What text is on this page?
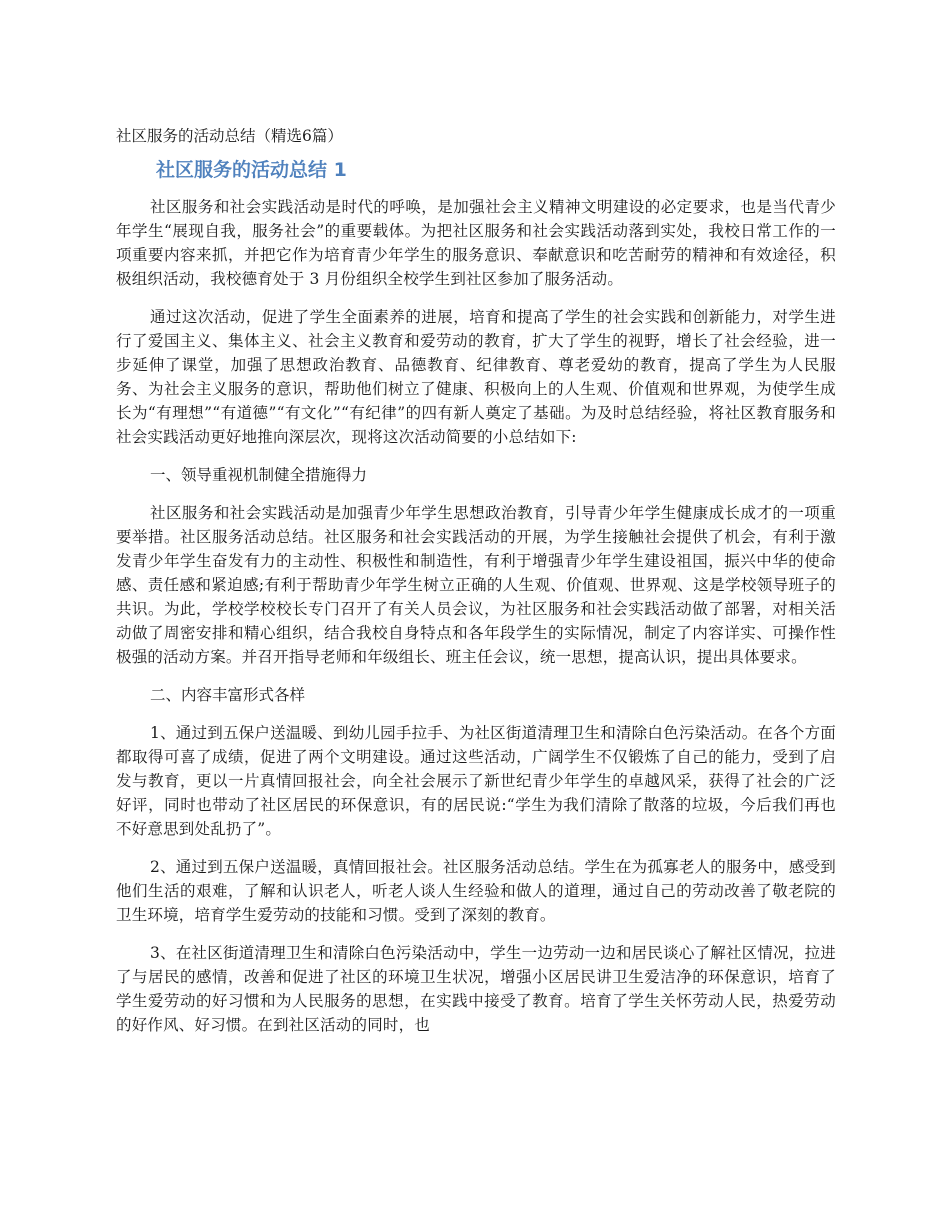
社区服务的活动总结（精选6篇）
社区服务的活动总结 1

社区服务和社会实践活动是时代的呼唤，是加强社会主义精神文明建设的必定要求，也是当代青少年学生“展现自我，服务社会”的重要载体。为把社区服务和社会实践活动落到实处，我校日常工作的一项重要内容来抓，并把它作为培育青少年学生的服务意识、奉献意识和吃苦耐劳的精神和有效途径，积极组织活动，我校德育处于 3 月份组织全校学生到社区参加了服务活动。

通过这次活动，促进了学生全面素养的进展，培育和提高了学生的社会实践和创新能力，对学生进行了爱国主义、集体主义、社会主义教育和爱劳动的教育，扩大了学生的视野，增长了社会经验，进一步延伸了课堂，加强了思想政治教育、品德教育、纪律教育、尊老爱幼的教育，提高了学生为人民服务、为社会主义服务的意识，帮助他们树立了健康、积极向上的人生观、价值观和世界观，为使学生成长为“有理想”“有道德”“有文化”“有纪律”的四有新人奠定了基础。为及时总结经验，将社区教育服务和社会实践活动更好地推向深层次，现将这次活动简要的小总结如下:

一、领导重视机制健全措施得力

社区服务和社会实践活动是加强青少年学生思想政治教育，引导青少年学生健康成长成才的一项重要举措。社区服务活动总结。社区服务和社会实践活动的开展，为学生接触社会提供了机会，有利于激发青少年学生奋发有力的主动性、积极性和制造性，有利于增强青少年学生建设祖国，振兴中华的使命感、责任感和紧迫感;有利于帮助青少年学生树立正确的人生观、价值观、世界观、这是学校领导班子的共识。为此，学校学校校长专门召开了有关人员会议，为社区服务和社会实践活动做了部署，对相关活动做了周密安排和精心组织，结合我校自身特点和各年段学生的实际情况，制定了内容详实、可操作性极强的活动方案。并召开指导老师和年级组长、班主任会议，统一思想，提高认识，提出具体要求。

二、内容丰富形式各样

1、通过到五保户送温暖、到幼儿园手拉手、为社区街道清理卫生和清除白色污染活动。在各个方面都取得可喜了成绩，促进了两个文明建设。通过这些活动，广阔学生不仅锻炼了自己的能力，受到了启发与教育，更以一片真情回报社会，向全社会展示了新世纪青少年学生的卓越风采，获得了社会的广泛好评，同时也带动了社区居民的环保意识，有的居民说:“学生为我们清除了散落的垃圾，今后我们再也不好意思到处乱扔了”。

2、通过到五保户送温暖，真情回报社会。社区服务活动总结。学生在为孤寡老人的服务中，感受到他们生活的艰难，了解和认识老人，听老人谈人生经验和做人的道理，通过自己的劳动改善了敬老院的卫生环境，培育学生爱劳动的技能和习惯。受到了深刻的教育。

3、在社区街道清理卫生和清除白色污染活动中，学生一边劳动一边和居民谈心了解社区情况，拉进了与居民的感情，改善和促进了社区的环境卫生状况，增强小区居民讲卫生爱洁净的环保意识，培育了学生爱劳动的好习惯和为人民服务的思想，在实践中接受了教育。培育了学生关怀劳动人民，热爱劳动的好作风、好习惯。在到社区活动的同时，也
